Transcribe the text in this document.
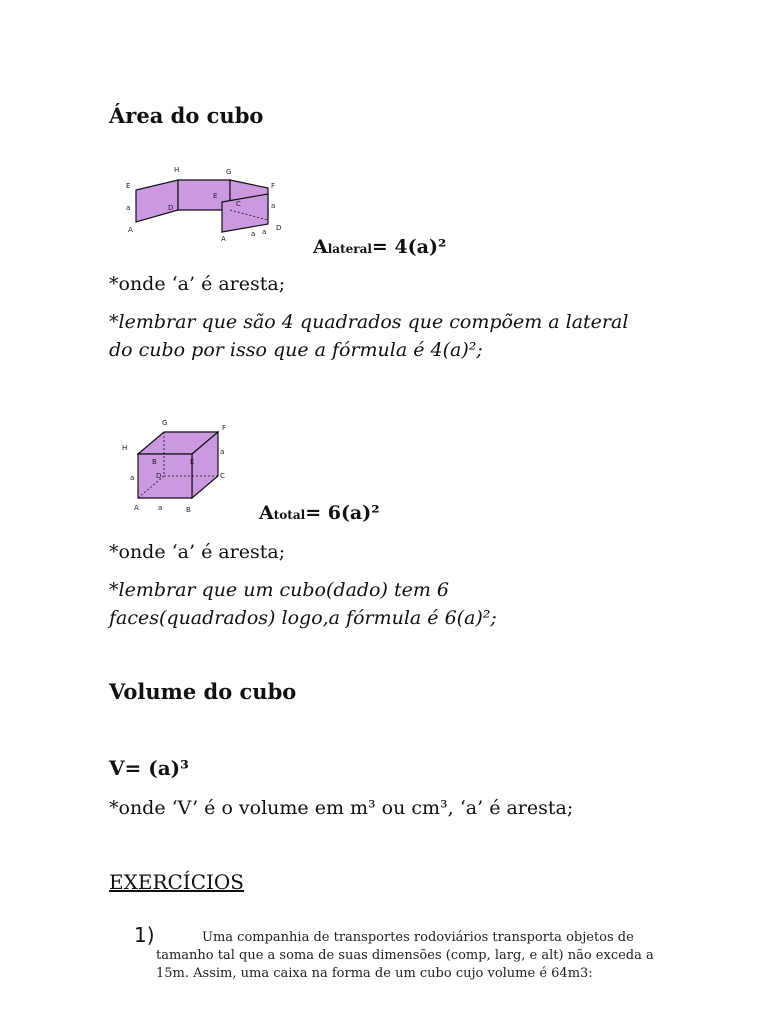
Área do cubo
E
H	G
F
a	D
E
C	a
A
A
a
D
a
Alateral= 4(a)²
*onde ‘a’ é aresta;
*lembrar que são 4 quadrados que compõem a lateral do cubo por isso que a fórmula é 4(a)²;
G
F
H
B	E
a
a	D	C
A	a	B	Atotal= 6(a)²
*onde ‘a’ é aresta;
*lembrar que um cubo(dado) tem 6 faces(quadrados) logo,a fórmula é 6(a)²;
Volume do cubo
V= (a)³
*onde ‘V’ é o volume em m³ ou cm³, ‘a’ é aresta;
EXERCÍCIOS
1)	Uma companhia de transportes rodoviários transporta objetos de tamanho tal que a soma de suas dimensões (comp, larg, e alt) não exceda a 15m. Assim, uma caixa na forma de um cubo cujo volume é 64m3:
